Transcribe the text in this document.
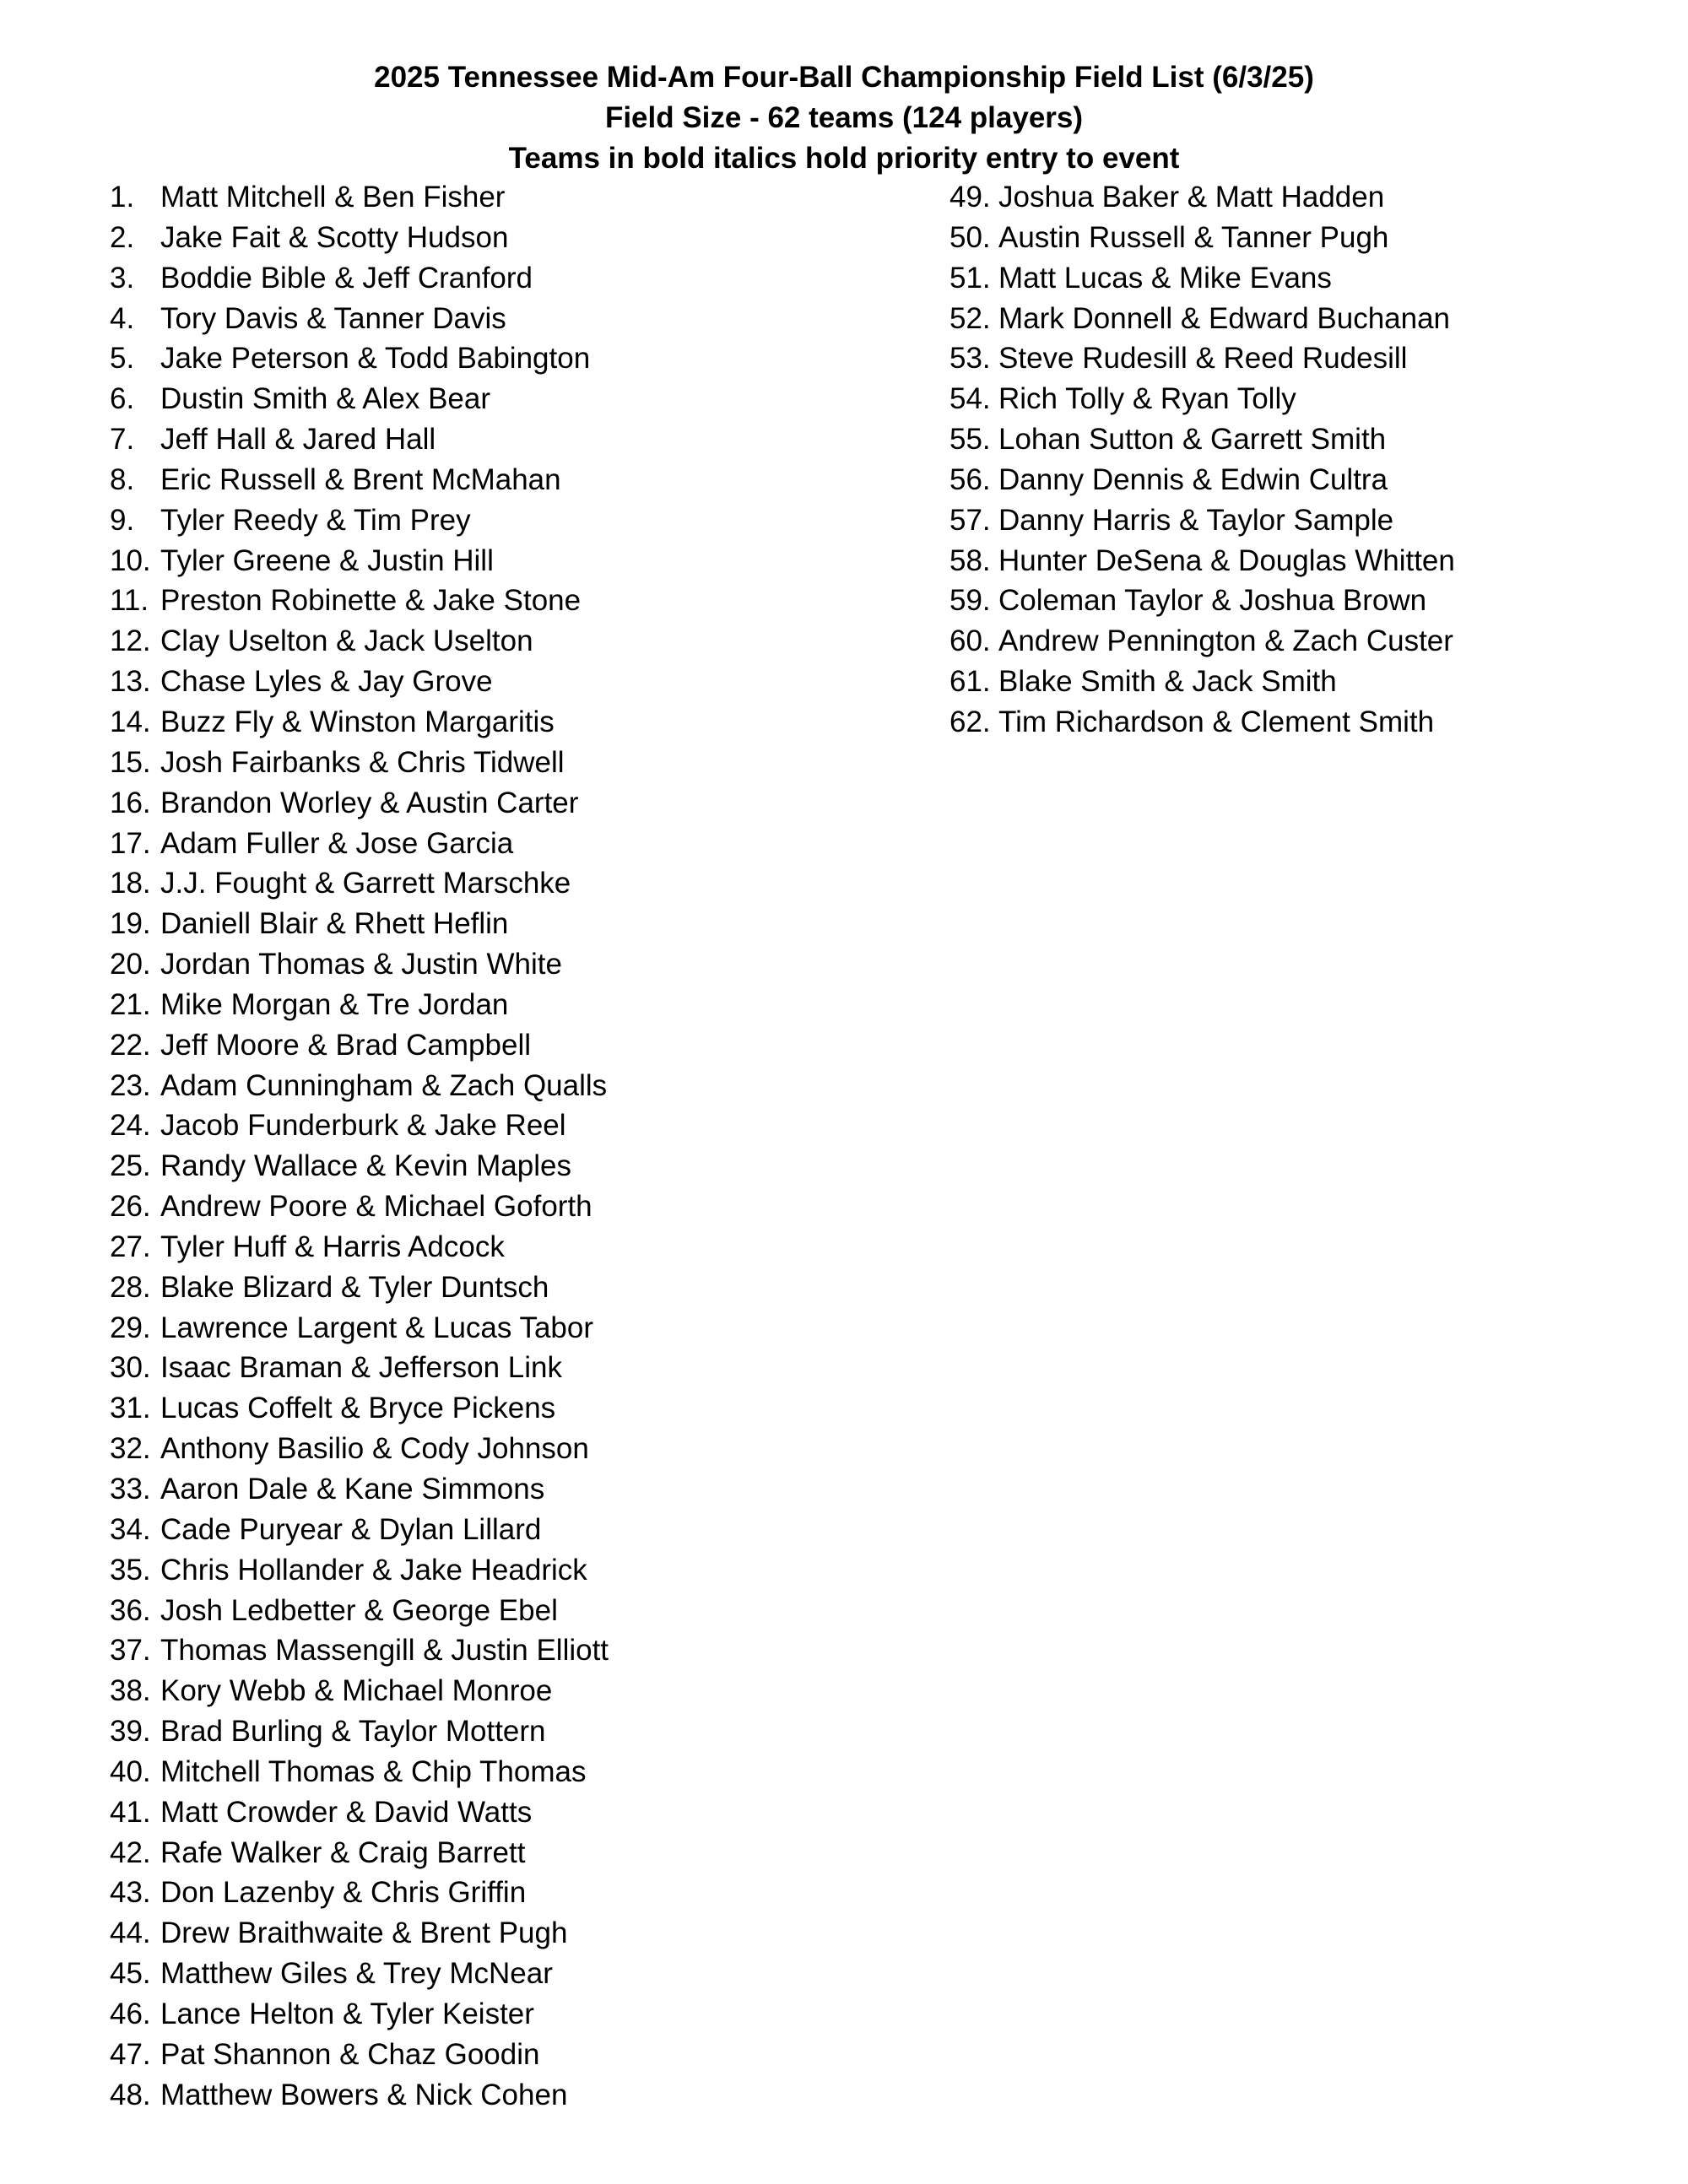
2025 Tennessee Mid-Am Four-Ball Championship Field List (6/3/25)

Field Size - 62 teams (124 players)

Teams in bold italics hold priority entry to event

1. Matt Mitchell & Ben Fisher
2. Jake Fait & Scotty Hudson
3. Boddie Bible & Jeff Cranford
4. Tory Davis & Tanner Davis
5. Jake Peterson & Todd Babington
6. Dustin Smith & Alex Bear
7. Jeff Hall & Jared Hall
8. Eric Russell & Brent McMahan
9. Tyler Reedy & Tim Prey
10. Tyler Greene & Justin Hill
11. Preston Robinette & Jake Stone
12. Clay Uselton & Jack Uselton
13. Chase Lyles & Jay Grove
14. Buzz Fly & Winston Margaritis
15. Josh Fairbanks & Chris Tidwell
16. Brandon Worley & Austin Carter
17. Adam Fuller & Jose Garcia
18. J.J. Fought & Garrett Marschke
19. Daniell Blair & Rhett Heflin
20. Jordan Thomas & Justin White
21. Mike Morgan & Tre Jordan
22. Jeff Moore & Brad Campbell
23. Adam Cunningham & Zach Qualls
24. Jacob Funderburk & Jake Reel
25. Randy Wallace & Kevin Maples
26. Andrew Poore & Michael Goforth
27. Tyler Huff & Harris Adcock
28. Blake Blizard & Tyler Duntsch
29. Lawrence Largent & Lucas Tabor
30. Isaac Braman & Jefferson Link
31. Lucas Coffelt & Bryce Pickens
32. Anthony Basilio & Cody Johnson
33. Aaron Dale & Kane Simmons
34. Cade Puryear & Dylan Lillard
35. Chris Hollander & Jake Headrick
36. Josh Ledbetter & George Ebel
37. Thomas Massengill & Justin Elliott
38. Kory Webb & Michael Monroe
39. Brad Burling & Taylor Mottern
40. Mitchell Thomas & Chip Thomas
41. Matt Crowder & David Watts
42. Rafe Walker & Craig Barrett
43. Don Lazenby & Chris Griffin
44. Drew Braithwaite & Brent Pugh
45. Matthew Giles & Trey McNear
46. Lance Helton & Tyler Keister
47. Pat Shannon & Chaz Goodin
48. Matthew Bowers & Nick Cohen
49. Joshua Baker & Matt Hadden
50. Austin Russell & Tanner Pugh
51. Matt Lucas & Mike Evans
52. Mark Donnell & Edward Buchanan
53. Steve Rudesill & Reed Rudesill
54. Rich Tolly & Ryan Tolly
55. Lohan Sutton & Garrett Smith
56. Danny Dennis & Edwin Cultra
57. Danny Harris & Taylor Sample
58. Hunter DeSena & Douglas Whitten
59. Coleman Taylor & Joshua Brown
60. Andrew Pennington & Zach Custer
61. Blake Smith & Jack Smith
62. Tim Richardson & Clement Smith
